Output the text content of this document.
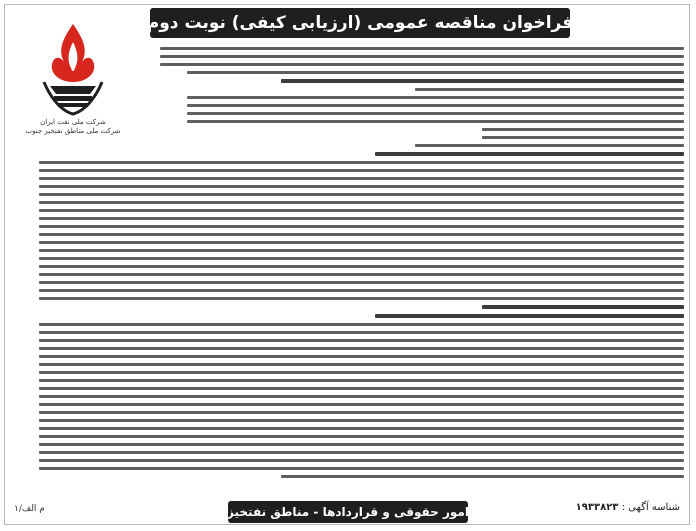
فراخوان مناقصه عمومی (ارزیابی کیفی) نوبت دوم
شرکت ملی نفت ایران
شرکت ملی مناطق نفتخیز جنوب
م الف/۱	امور حقوقی و قراردادها - مناطق نفتخیز	شناسه آگهی : ۱۹۳۳۸۲۳
